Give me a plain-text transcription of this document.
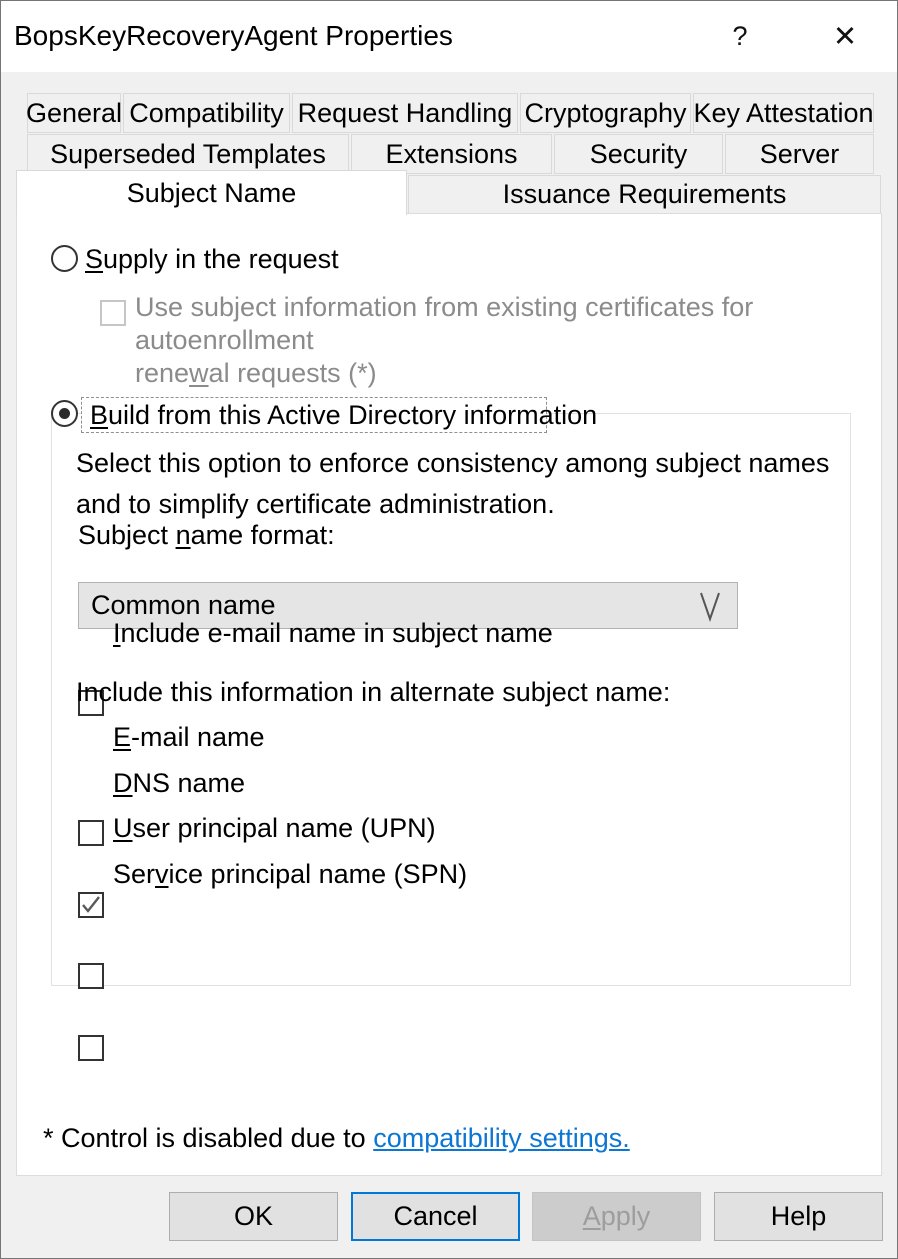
BopsKeyRecoveryAgent Properties	?	✕
General Compatibility Request Handling Cryptography Key Attestation
Superseded Templates	Extensions	Security	Server
Issuance Requirements
Subject Name
Supply in the request
Use subject information from existing certificates for autoenrollment
renewal requests (*)
Build from this Active Directory information
Select this option to enforce consistency among subject names and to simplify certificate administration.
Subject name format:
Common name
Include e-mail name in subject name
Include this information in alternate subject name:
E-mail name
DNS name
User principal name (UPN)
Service principal name (SPN)
* Control is disabled due to compatibility settings.
OK	Cancel	Apply	Help
